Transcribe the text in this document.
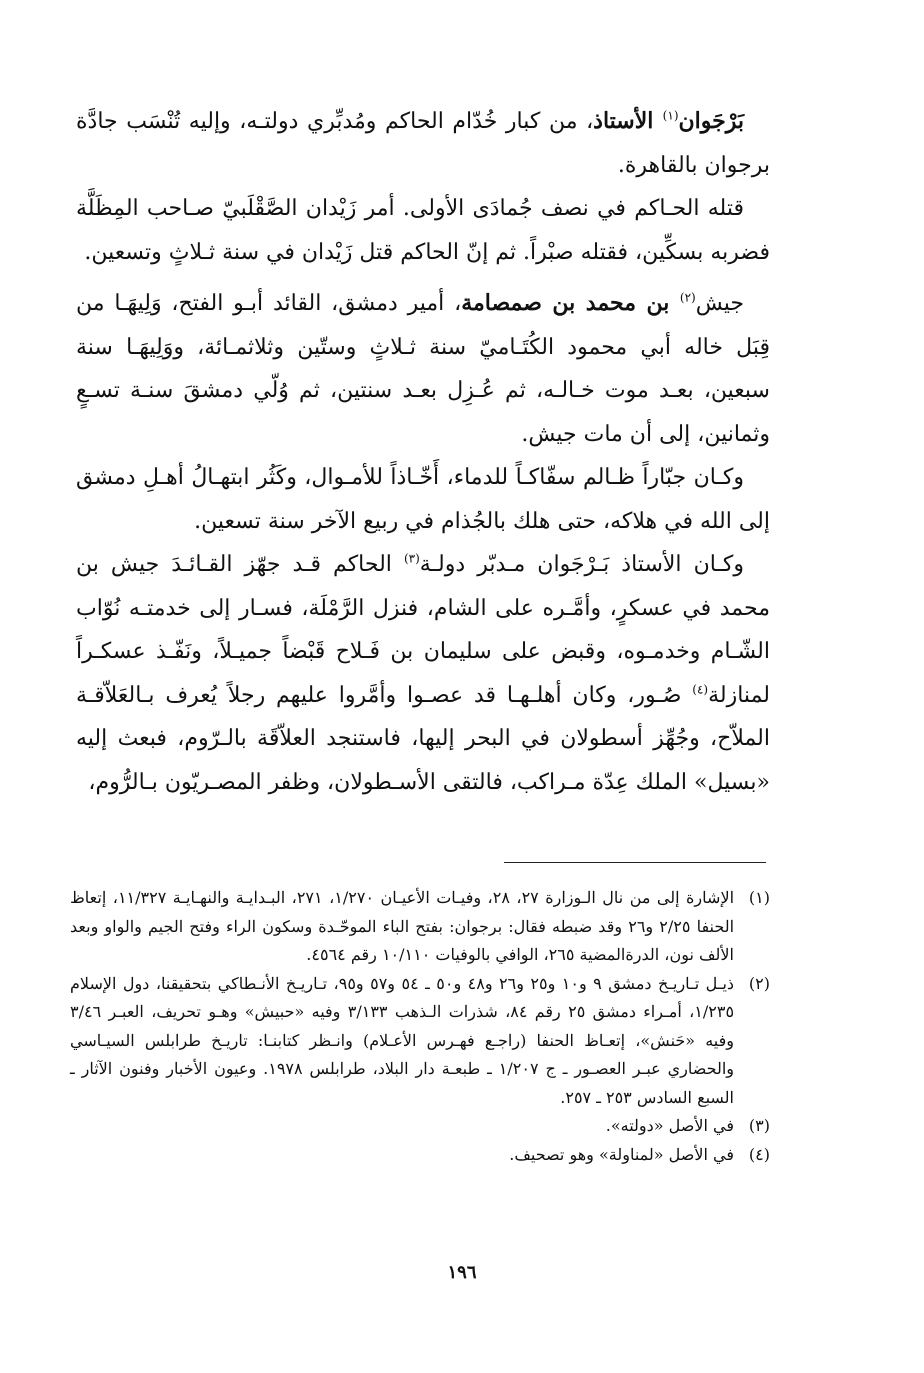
بَرْجَوان$^{(١)}$ الأستاذ، من كبار خُدّام الحاكم ومُدبِّري دولتـه، وإليه تُنْسَب جادَّة برجوان بالقاهرة.

قتله الحـاكم في نصف جُمادَى الأولى. أمر زَيْدان الصَّقْلَبيّ صـاحب المِظَلَّة فضربه بسكِّين، فقتله صبْراً. ثم إنّ الحاكم قتل زَيْدان في سنة ثـلاثٍ وتسعين.

جيش$^{(٢)}$ بن محمد بن صمصامة، أمير دمشق، القائد أبـو الفتح، وَلِيهَـا من قِبَل خاله أبي محمود الكُتَـاميّ سنة ثـلاثٍ وستّين وثلاثمـائة، ووَلِيهَـا سنة سبعين، بعـد موت خـالـه، ثم عُـزِل بعـد سنتين، ثم وُلّي دمشقَ سنـة تسـعٍ وثمانين، إلى أن مات جيش.

وكـان جبّاراً ظـالم سفّاكـاً للدماء، أَخّـاذاً للأمـوال، وكَثُر ابتهـالُ أهـلِ دمشق إلى الله في هلاكه، حتى هلك بالجُذام في ربيع الآخر سنة تسعين.

وكـان الأستاذ بَـرْجَوان مـدبّر دولـة$^{(٣)}$ الحاكم قـد جهّز القـائـدَ جيش بن محمد في عسكرٍ، وأمَّـره على الشام، فنزل الرَّمْلَة، فسـار إلى خدمتـه نُوّاب الشّـام وخدمـوه، وقبض على سليمان بن فَـلاح قَبْضاً جميـلاً، ونَفّـذ عسكـراً لمنازلة$^{(٤)}$ صُـور، وكان أهلـهـا قد عصـوا وأمَّروا عليهم رجلاً يُعرف بـالعَلاّقـة الملاّح، وجُهِّز أسطولان في البحر إليها، فاستنجد العلاّقَة بالـرّوم، فبعث إليه «بسيل» الملك عِدّة مـراكب، فالتقى الأسـطولان، وظفر المصـريّون بـالرُّوم،

(١)
الإشارة إلى من نال الـوزارة ٢٧، ٢٨، وفيـات الأعيـان ١/٢٧٠، ٢٧١، البـدايـة والنهـايـة ١١/٣٢٧، إتعاظ الحنفا ٢/٢٥ و٢٦ وقد ضبطه فقال: برجوان: بفتح الباء الموحّـدة وسكون الراء وفتح الجيم والواو وبعد الألف نون، الدرةالمضية ٢٦٥، الوافي بالوفيات ١٠/١١٠ رقم ٤٥٦٤.
(٢)
ذيـل تـاريـخ دمشق ٩ و١٠ و٢٥ و٢٦ و٤٨ و٥٠ ـ ٥٤ و٥٧ و٩٥، تـاريـخ الأنـطاكي بتحقيقنا، دول الإسلام ١/٢٣٥، أمـراء دمشق ٢٥ رقم ٨٤، شذرات الـذهب ٣/١٣٣ وفيه «حبيش» وهـو تحريف، العبـر ٣/٤٦ وفيه «حَنش»، إتعـاظ الحنفا (راجـع فهـرس الأعـلام) وانـظر كتابنـا: تاريـخ طرابلس السيـاسي والحضاري عبـر العصـور ـ ج ١/٢٠٧ ـ طبعـة دار البلاد، طرابلس ١٩٧٨. وعيون الأخبار وفنون الآثار ـ السبع السادس ٢٥٣ ـ ٢٥٧.
(٣)
في الأصل «دولته».
(٤)
في الأصل «لمناولة» وهو تصحيف.
١٩٦
